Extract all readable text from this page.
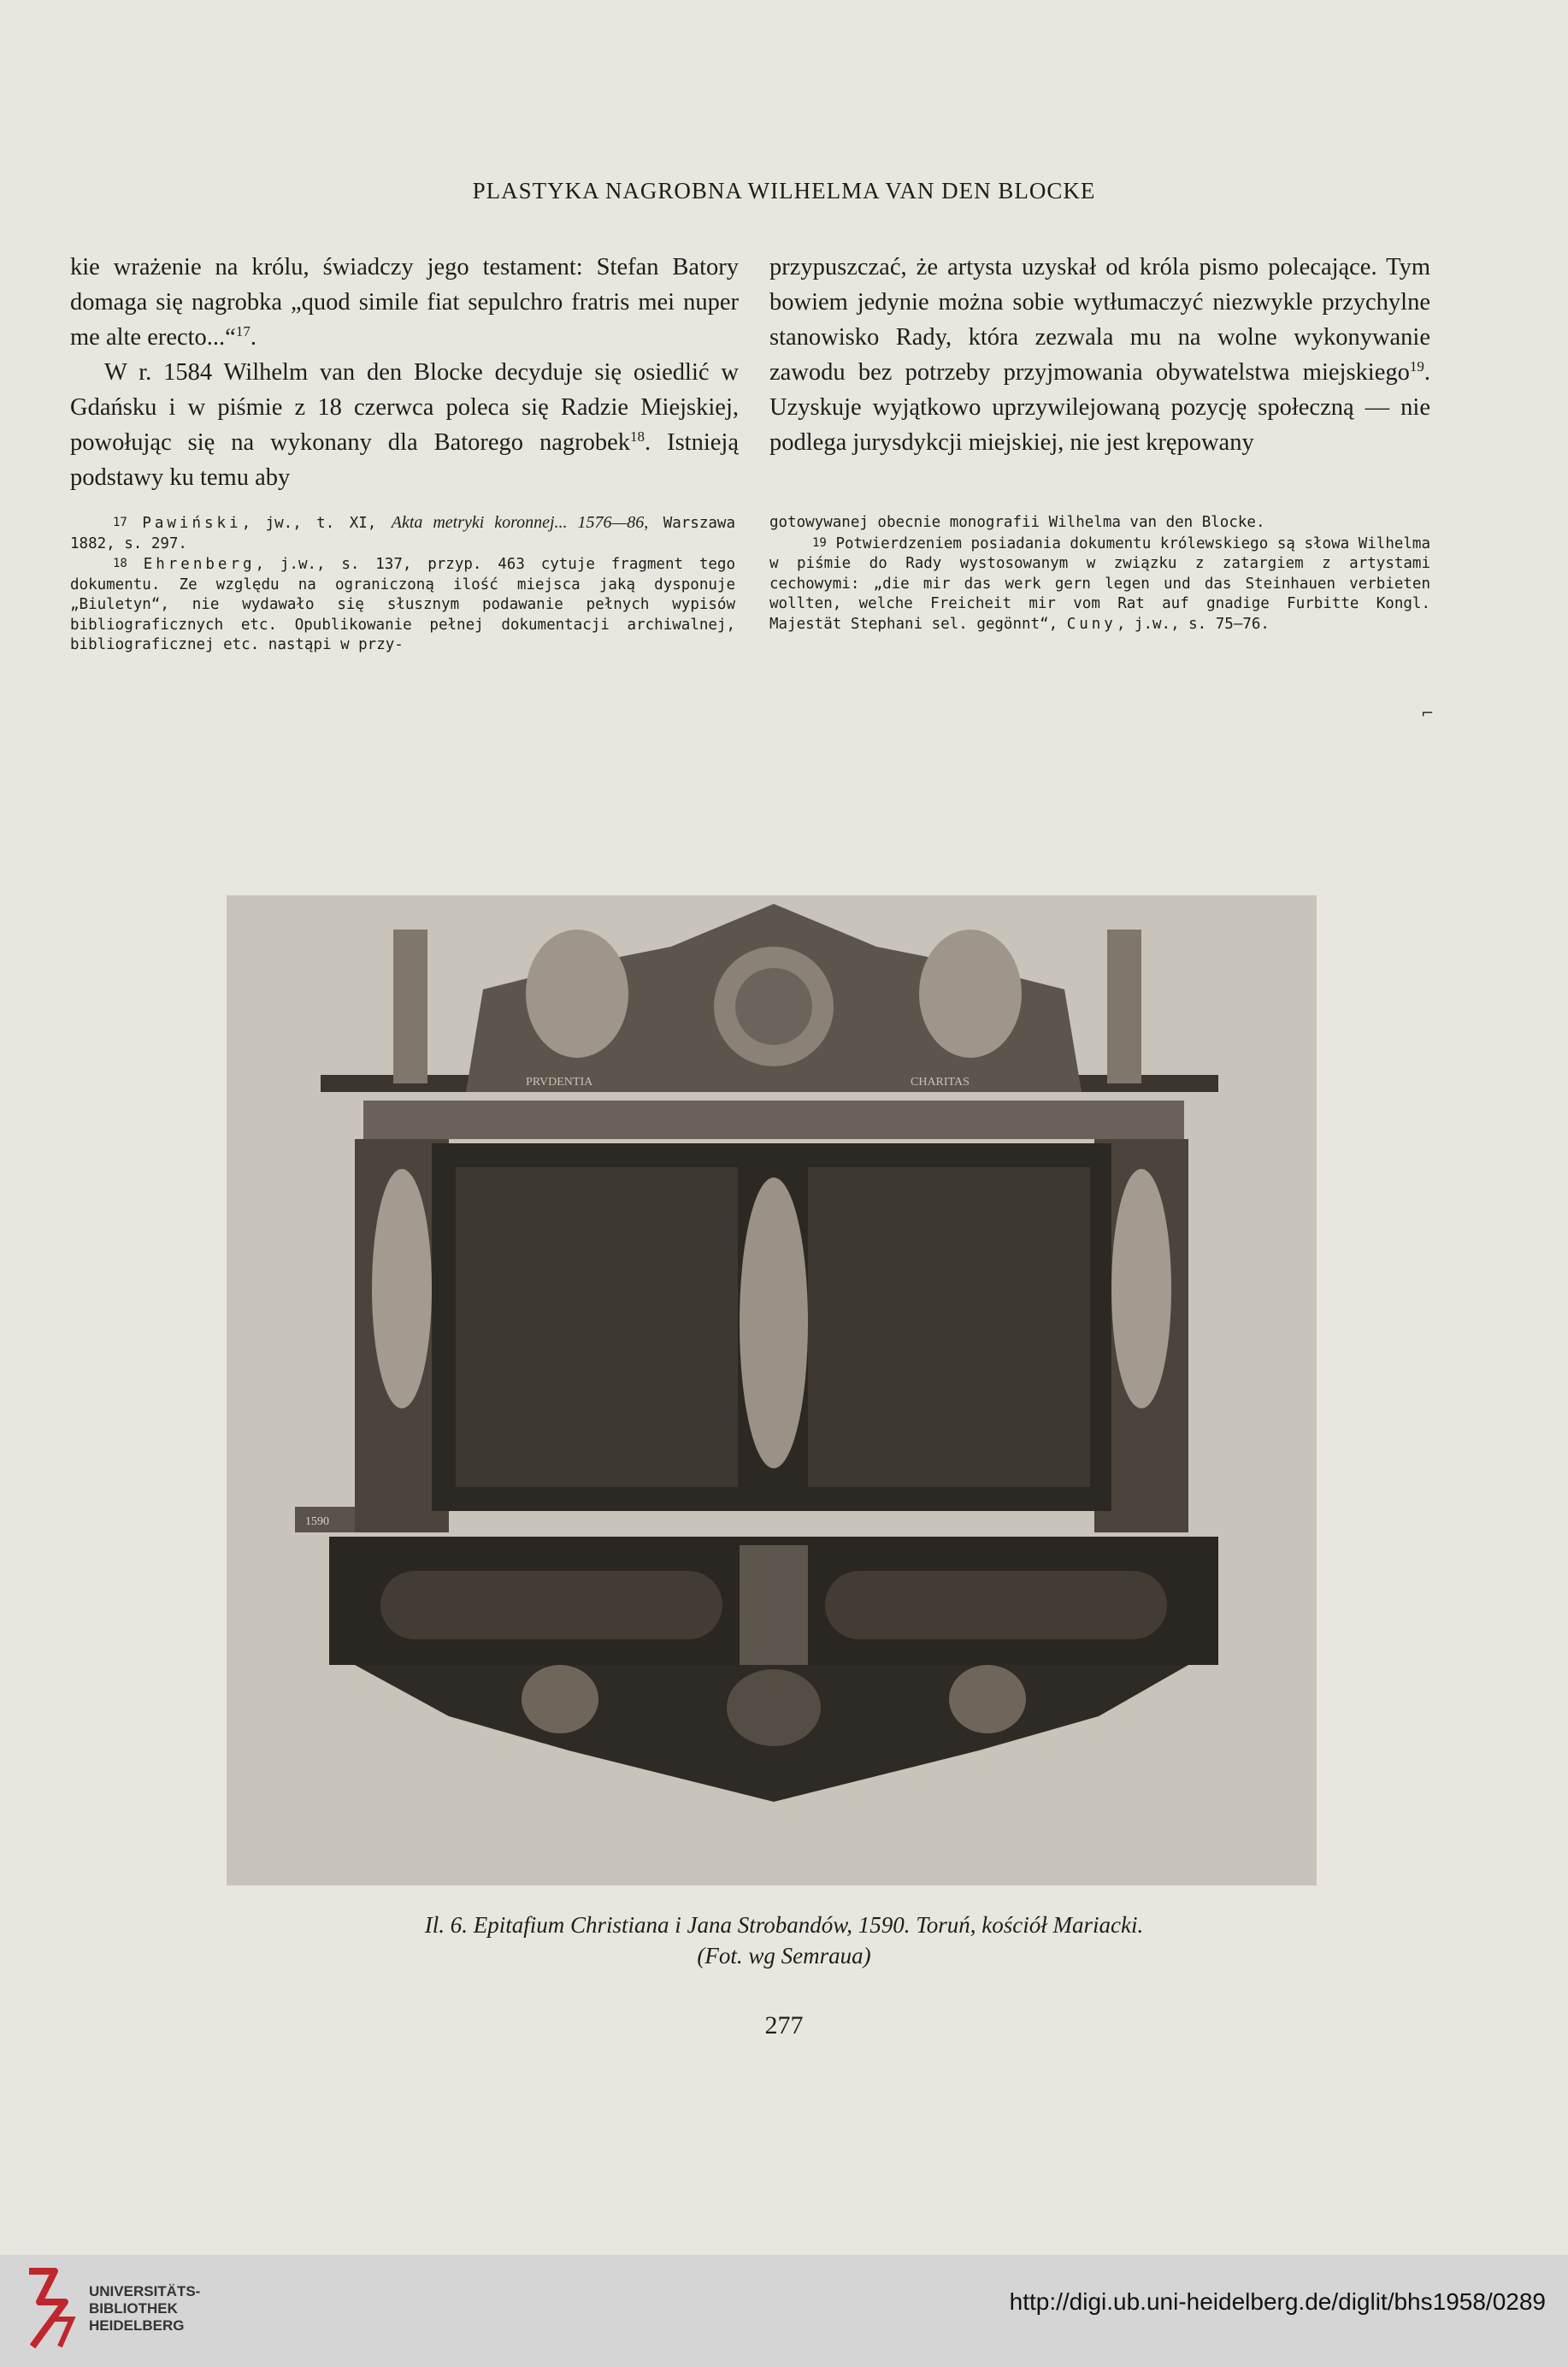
PLASTYKA NAGROBNA WILHELMA VAN DEN BLOCKE

kie wrażenie na królu, świadczy jego testament: Stefan Batory domaga się nagrobka „quod simile fiat sepulchro fratris mei nuper me alte erecto...“$^{17}$.

W r. 1584 Wilhelm van den Blocke decyduje się osiedlić w Gdańsku i w piśmie z 18 czerwca poleca się Radzie Miejskiej, powołując się na wykonany dla Batorego nagrobek$^{18}$. Istnieją podstawy ku temu aby

przypuszczać, że artysta uzyskał od króla pismo polecające. Tym bowiem jedynie można sobie wytłumaczyć niezwykle przychylne stanowisko Rady, która zezwala mu na wolne wykonywanie zawodu bez potrzeby przyjmowania obywatelstwa miejskiego$^{19}$. Uzyskuje wyjątkowo uprzywilejowaną pozycję społeczną — nie podlega jurysdykcji miejskiej, nie jest krępowany

17 Pawiński, jw., t. XI, Akta metryki koronnej... 1576—86, Warszawa 1882, s. 297.

18 Ehrenberg, j.w., s. 137, przyp. 463 cytuje fragment tego dokumentu. Ze względu na ograniczoną ilość miejsca jaką dysponuje „Biuletyn“, nie wydawało się słusznym podawanie pełnych wypisów bibliograficznych etc. Opublikowanie pełnej dokumentacji archiwalnej, bibliograficznej etc. nastąpi w przy-

gotowywanej obecnie monografii Wilhelma van den Blocke.

19 Potwierdzeniem posiadania dokumentu królewskiego są słowa Wilhelma w piśmie do Rady wystosowanym w związku z zatargiem z artystami cechowymi: „die mir das werk gern legen und das Steinhauen verbieten wollten, welche Freicheit mir vom Rat auf gnadige Furbitte Kongl. Majestät Stephani sel. gegönnt“, Cuny, j.w., s. 75—76.

⌐
PRVDENTIA	CHARITAS
1590
Il. 6. Epitafium Christiana i Jana Strobandów, 1590. Toruń, kościół Mariacki.
(Fot. wg Semraua)
277
UNIVERSITÄTS-
BIBLIOTHEK
HEIDELBERG
http://digi.ub.uni-heidelberg.de/diglit/bhs1958/0289
